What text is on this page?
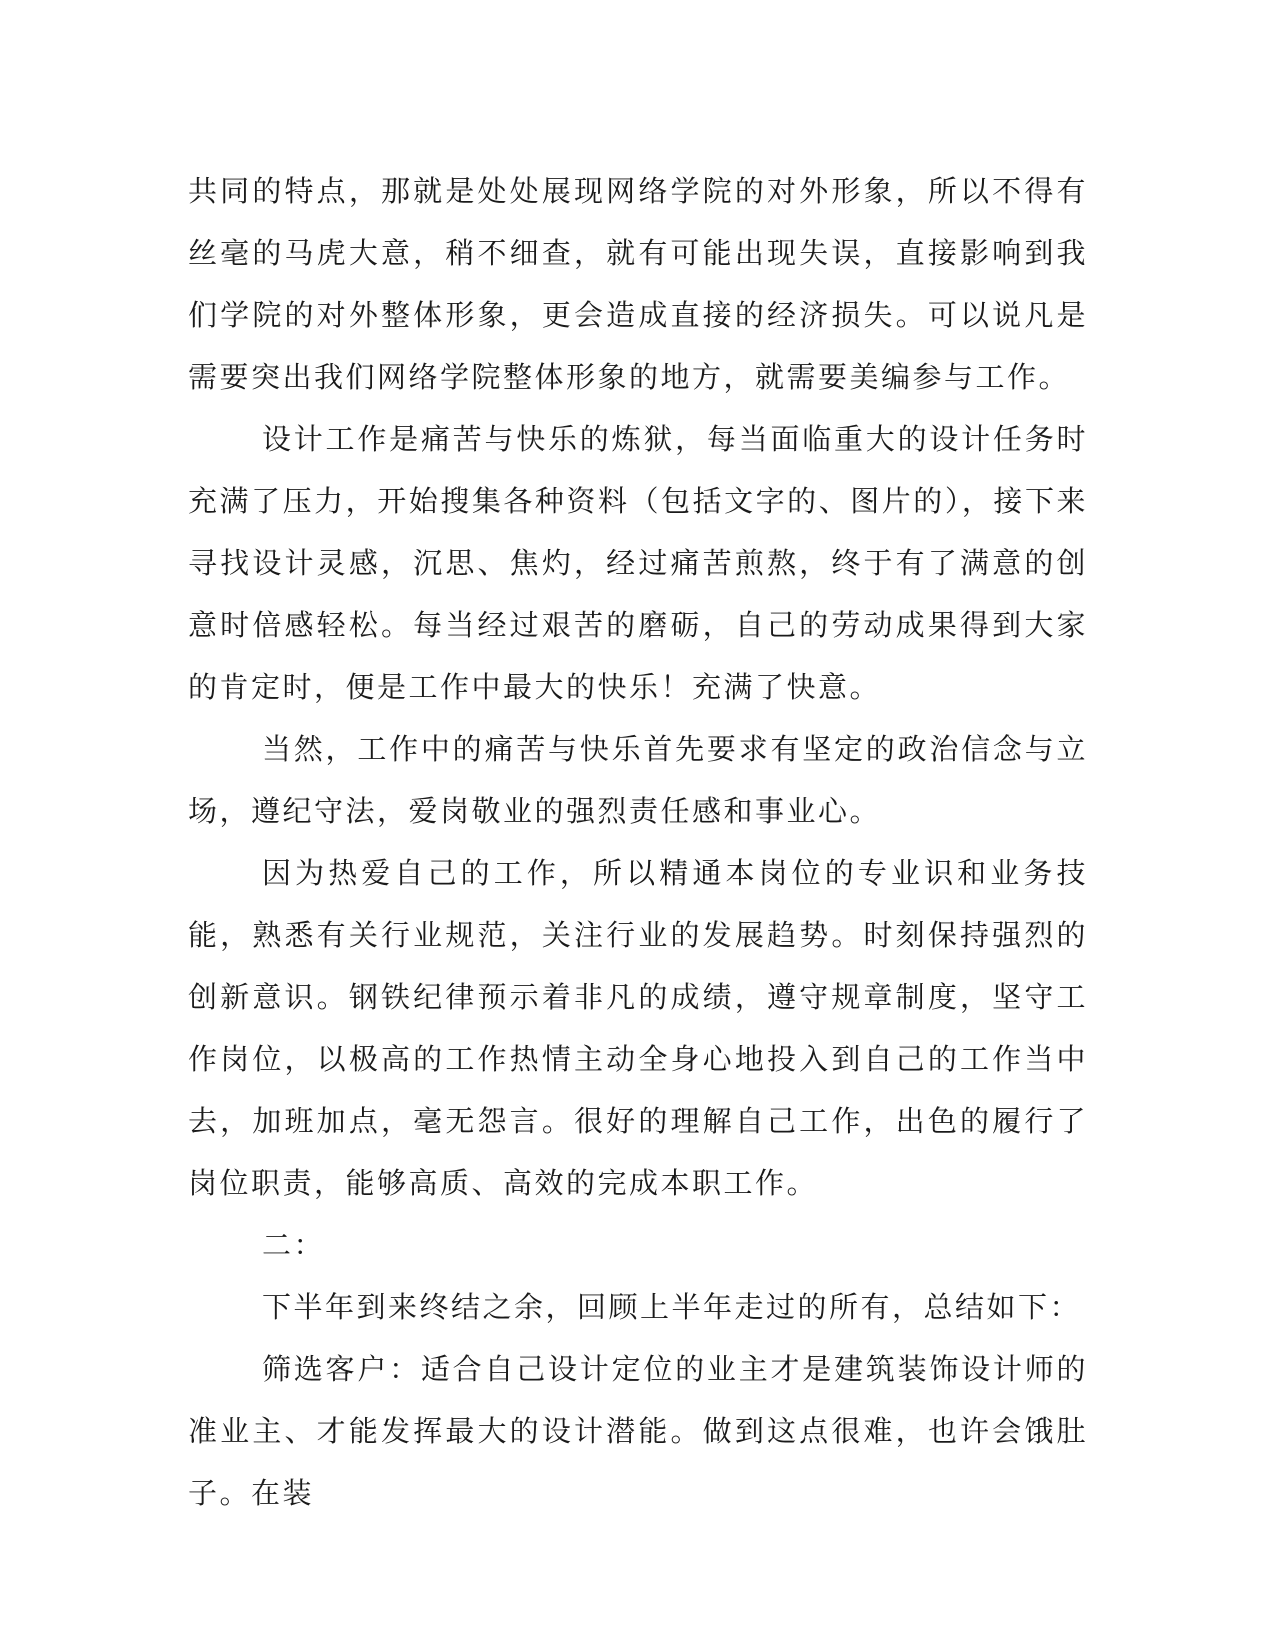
共同的特点，那就是处处展现网络学院的对外形象，所以不得有丝毫的马虎大意，稍不细查，就有可能出现失误，直接影响到我们学院的对外整体形象，更会造成直接的经济损失。可以说凡是需要突出我们网络学院整体形象的地方，就需要美编参与工作。

设计工作是痛苦与快乐的炼狱，每当面临重大的设计任务时充满了压力，开始搜集各种资料（包括文字的、图片的），接下来寻找设计灵感，沉思、焦灼，经过痛苦煎熬，终于有了满意的创意时倍感轻松。每当经过艰苦的磨砺，自己的劳动成果得到大家的肯定时，便是工作中最大的快乐！充满了快意。

当然，工作中的痛苦与快乐首先要求有坚定的政治信念与立场，遵纪守法，爱岗敬业的强烈责任感和事业心。

因为热爱自己的工作，所以精通本岗位的专业识和业务技能，熟悉有关行业规范，关注行业的发展趋势。时刻保持强烈的创新意识。钢铁纪律预示着非凡的成绩，遵守规章制度，坚守工作岗位，以极高的工作热情主动全身心地投入到自己的工作当中去，加班加点，毫无怨言。很好的理解自己工作，出色的履行了岗位职责，能够高质、高效的完成本职工作。

二：

下半年到来终结之余，回顾上半年走过的所有，总结如下：

筛选客户：适合自己设计定位的业主才是建筑装饰设计师的准业主、才能发挥最大的设计潜能。做到这点很难，也许会饿肚子。在装
